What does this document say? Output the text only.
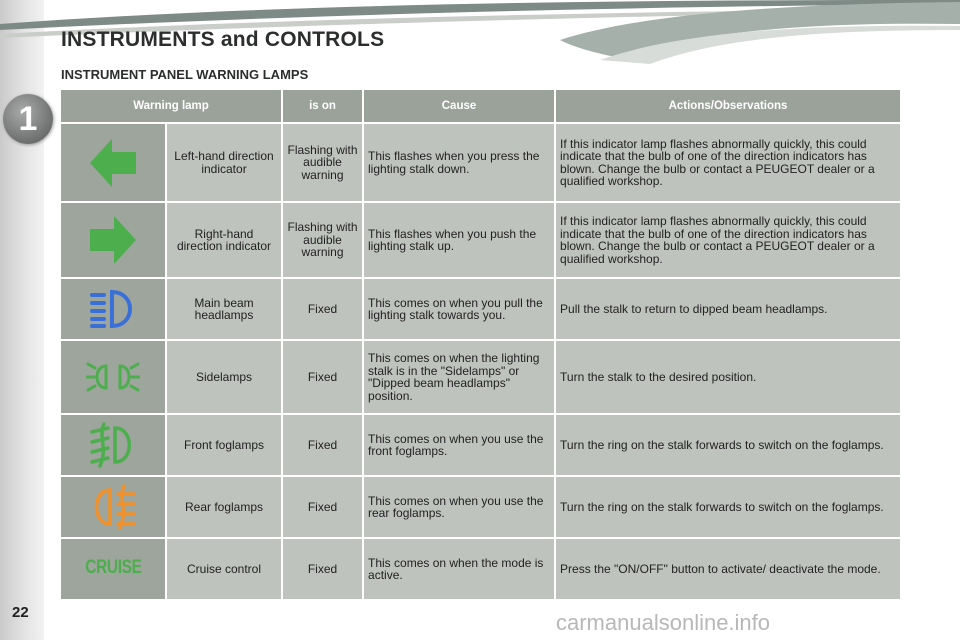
INSTRUMENTS and CONTROLS
INSTRUMENT PANEL WARNING LAMPS
1
22
Warning lamp		is on	Cause	Actions/Observations

	Left-hand direction indicator	Flashing with audible warning	This flashes when you press the lighting stalk down.	If this indicator lamp flashes abnormally quickly, this could indicate that the bulb of one of the direction indicators has blown. Change the bulb or contact a PEUGEOT dealer or a qualified workshop.

	Right-hand direction indicator	Flashing with audible warning	This flashes when you push the lighting stalk up.	If this indicator lamp flashes abnormally quickly, this could indicate that the bulb of one of the direction indicators has blown. Change the bulb or contact a PEUGEOT dealer or a qualified workshop.

	Main beam headlamps	Fixed	This comes on when you pull the lighting stalk towards you.	Pull the stalk to return to dipped beam headlamps.

	Sidelamps	Fixed	This comes on when the lighting stalk is in the "Sidelamps" or "Dipped beam headlamps" position.	Turn the stalk to the desired position.

	Front foglamps	Fixed	This comes on when you use the front foglamps.	Turn the ring on the stalk forwards to switch on the foglamps.

	Rear foglamps	Fixed	This comes on when you use the rear foglamps.	Turn the ring on the stalk forwards to switch on the foglamps.
CRUISE	Cruise control	Fixed	This comes on when the mode is active.	Press the "ON/OFF" button to activate/ deactivate the mode.
carmanualsonline.info
